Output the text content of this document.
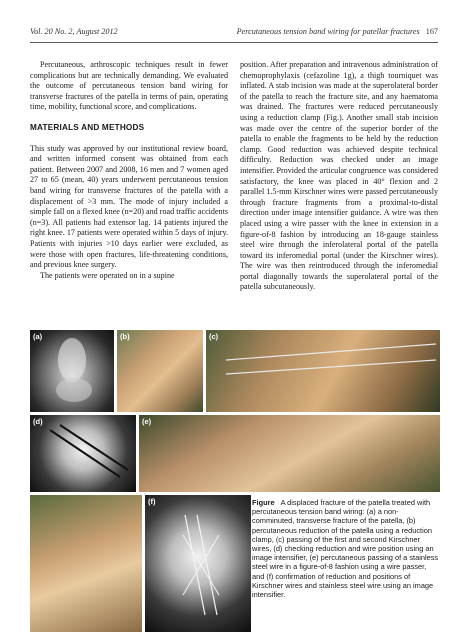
Vol. 20 No. 2, August 2012	Percutaneous tension band wiring for patellar fractures 167

Percutaneous, arthroscopic techniques result in fewer complications but are technically demanding. We evaluated the outcome of percutaneous tension band wiring for transverse fractures of the patella in terms of pain, operating time, mobility, functional score, and complications.

MATERIALS AND METHODS

This study was approved by our institutional review board, and written informed consent was obtained from each patient. Between 2007 and 2008, 16 men and 7 women aged 27 to 65 (mean, 40) years underwent percutaneous tension band wiring for transverse fractures of the patella with a displacement of >3 mm. The mode of injury included a simple fall on a flexed knee (n=20) and road traffic accidents (n=3). All patients had extensor lag. 14 patients injured the right knee. 17 patients were operated within 5 days of injury. Patients with injuries >10 days earlier were excluded, as were those with open fractures, life-threatening conditions, and previous knee surgery.

The patients were operated on in a supine

position. After preparation and intravenous administration of chemoprophylaxis (cefazoline 1g), a thigh tourniquet was inflated. A stab incision was made at the superolateral border of the patella to reach the fracture site, and any haematoma was drained. The fractures were reduced percutaneously using a reduction clamp (Fig.). Another small stab incision was made over the centre of the superior border of the patella to enable the fragments to be held by the reduction clamp. Good reduction was achieved despite technical difficulty. Reduction was checked under an image intensifier. Provided the articular congruence was considered satisfactory, the knee was placed in 40° flexion and 2 parallel 1.5-mm Kirschner wires were passed percutaneously through fracture fragments from a proximal-to-distal direction under image intensifier guidance. A wire was then placed using a wire passer with the knee in extension in a figure-of-8 fashion by introducing an 18-gauge stainless steel wire through the inferolateral portal of the patella toward its inferomedial portal (under the Kirschner wires). The wire was then reintroduced through the inferomedial portal diagonally towards the superolateral portal of the patella subcutaneously.

(a)	(b)	(c)
(d)	(e)
(f)	Figure A displaced fracture of the patella treated with percutaneous tension band wiring: (a) a non-comminuted, transverse fracture of the patella, (b) percutaneous reduction of the patella using a reduction clamp, (c) passing of the first and second Kirschner wires, (d) checking reduction and wire position using an image intensifier, (e) percutaneous passing of a stainless steel wire in a figure-of-8 fashion using a wire passer, and (f) confirmation of reduction and positions of Kirschner wires and stainless steel wire using an image intensifier.
